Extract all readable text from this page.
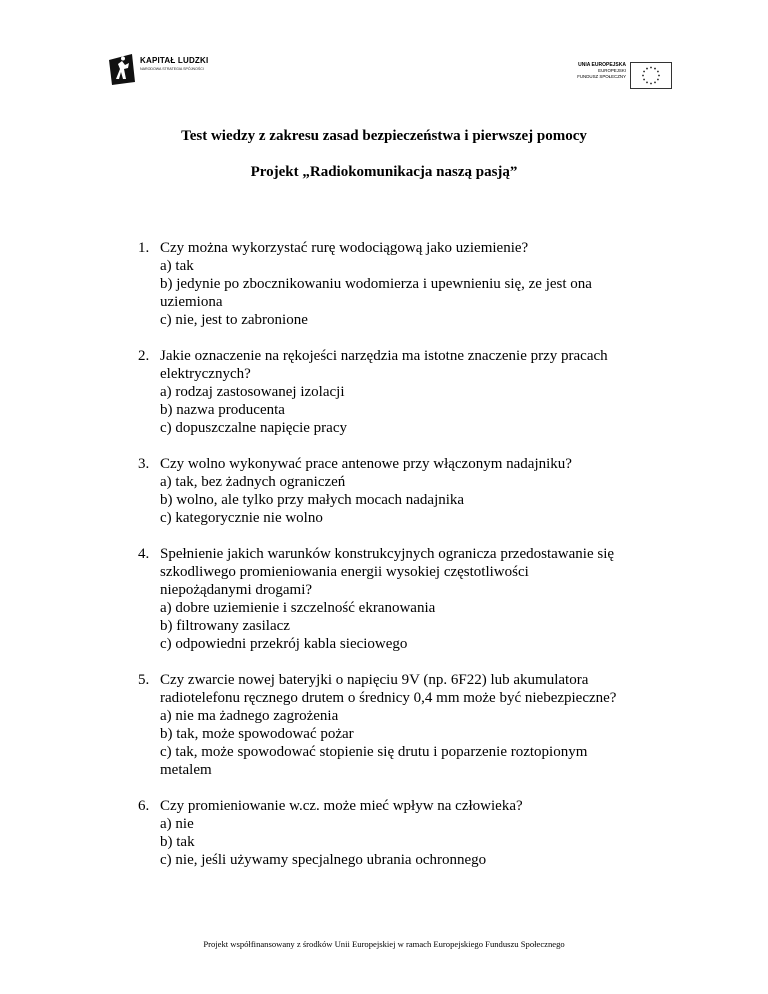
KAPITAŁ LUDZKI
NARODOWA STRATEGIA SPÓJNOŚCI
UNIA EUROPEJSKA
EUROPEJSKI
FUNDUSZ SPOŁECZNY
Test wiedzy z zakresu zasad bezpieczeństwa i pierwszej pomocy
Projekt „Radiokomunikacja naszą pasją”
1. Czy można wykorzystać rurę wodociągową jako uziemienie?
a) tak
b) jedynie po zbocznikowaniu wodomierza i upewnieniu się, ze jest ona
uziemiona
c) nie, jest to zabronione
2. Jakie oznaczenie na rękojeści narzędzia ma istotne znaczenie przy pracach
elektrycznych?
a) rodzaj zastosowanej izolacji
b) nazwa producenta
c) dopuszczalne napięcie pracy
3. Czy wolno wykonywać prace antenowe przy włączonym nadajniku?
a) tak, bez żadnych ograniczeń
b) wolno, ale tylko przy małych mocach nadajnika
c) kategorycznie nie wolno
4. Spełnienie jakich warunków konstrukcyjnych ogranicza przedostawanie się
szkodliwego promieniowania energii wysokiej częstotliwości
niepożądanymi drogami?
a) dobre uziemienie i szczelność ekranowania
b) filtrowany zasilacz
c) odpowiedni przekrój kabla sieciowego
5. Czy zwarcie nowej bateryjki o napięciu 9V (np. 6F22) lub akumulatora
radiotelefonu ręcznego drutem o średnicy 0,4 mm może być niebezpieczne?
a) nie ma żadnego zagrożenia
b) tak, może spowodować pożar
c) tak, może spowodować stopienie się drutu i poparzenie roztopionym
metalem
6. Czy promieniowanie w.cz. może mieć wpływ na człowieka?
a) nie
b) tak
c) nie, jeśli używamy specjalnego ubrania ochronnego
Projekt współfinansowany z środków Unii Europejskiej w ramach Europejskiego Funduszu Społecznego
